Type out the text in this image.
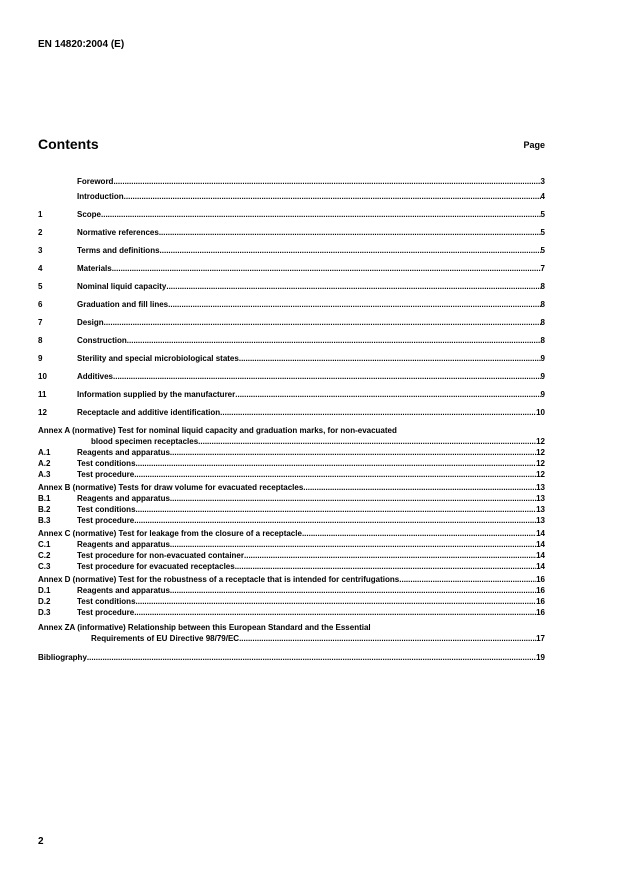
EN 14820:2004 (E)
Contents	Page
Foreword .....	3
Introduction .....	4
1	Scope .....	5
2	Normative references .....	5
3	Terms and definitions .....	5
4	Materials .....	7
5	Nominal liquid capacity .....	8
6	Graduation and fill lines .....	8
7	Design .....	8
8	Construction .....	8
9	Sterility and special microbiological states .....	9
10	Additives .....	9
11	Information supplied by the manufacturer .....	9
12	Receptacle and additive identification .....	10
Annex A (normative) Test for nominal liquid capacity and graduation marks, for non-evacuated
blood specimen receptacles .....	12
A.1	Reagents and apparatus .....	12
A.2	Test conditions .....	12
A.3	Test procedure .....	12
Annex B (normative) Tests for draw volume for evacuated receptacles .....	13
B.1	Reagents and apparatus .....	13
B.2	Test conditions .....	13
B.3	Test procedure .....	13
Annex C (normative) Test for leakage from the closure of a receptacle .....	14
C.1	Reagents and apparatus .....	14
C.2	Test procedure for non-evacuated container .....	14
C.3	Test procedure for evacuated receptacles .....	14
Annex D (normative) Test for the robustness of a receptacle that is intended for centrifugations .....	16
D.1	Reagents and apparatus .....	16
D.2	Test conditions .....	16
D.3	Test procedure .....	16
Annex ZA (informative) Relationship between this European Standard and the Essential
Requirements of EU Directive 98/79/EC .....	17
Bibliography .....	19
2
